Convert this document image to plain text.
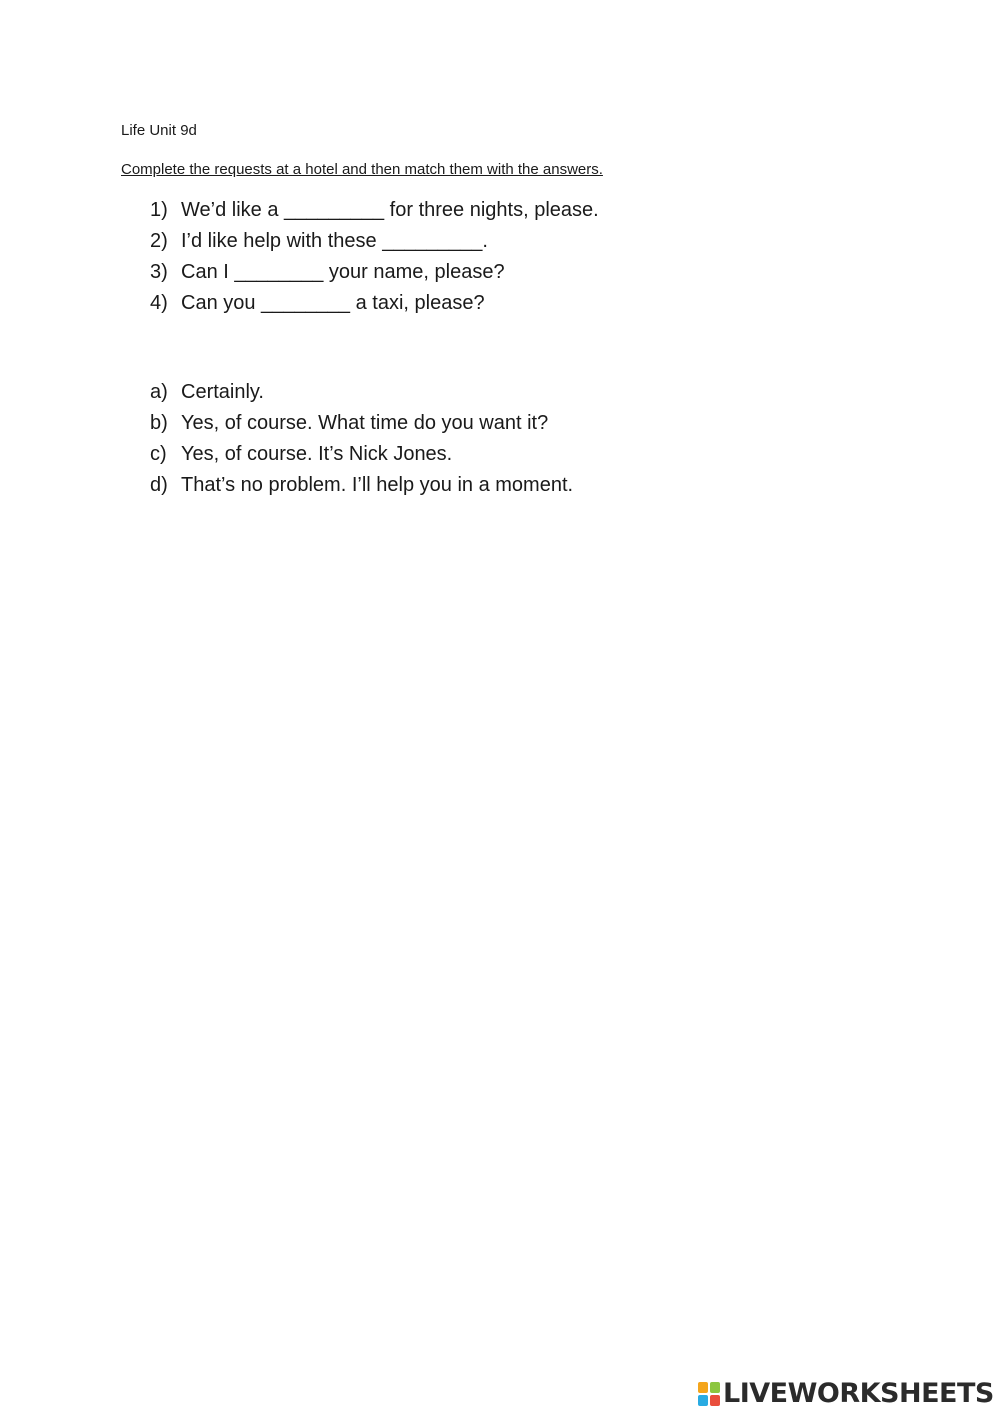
Life Unit 9d
Complete the requests at a hotel and then match them with the answers.
1) We’d like a _________ for three nights, please.
2) I’d like help with these _________.
3) Can I ________ your name, please?
4) Can you ________ a taxi, please?
a) Certainly.
b) Yes, of course. What time do you want it?
c) Yes, of course. It’s Nick Jones.
d) That’s no problem. I’ll help you in a moment.
LIVEWORKSHEETS
